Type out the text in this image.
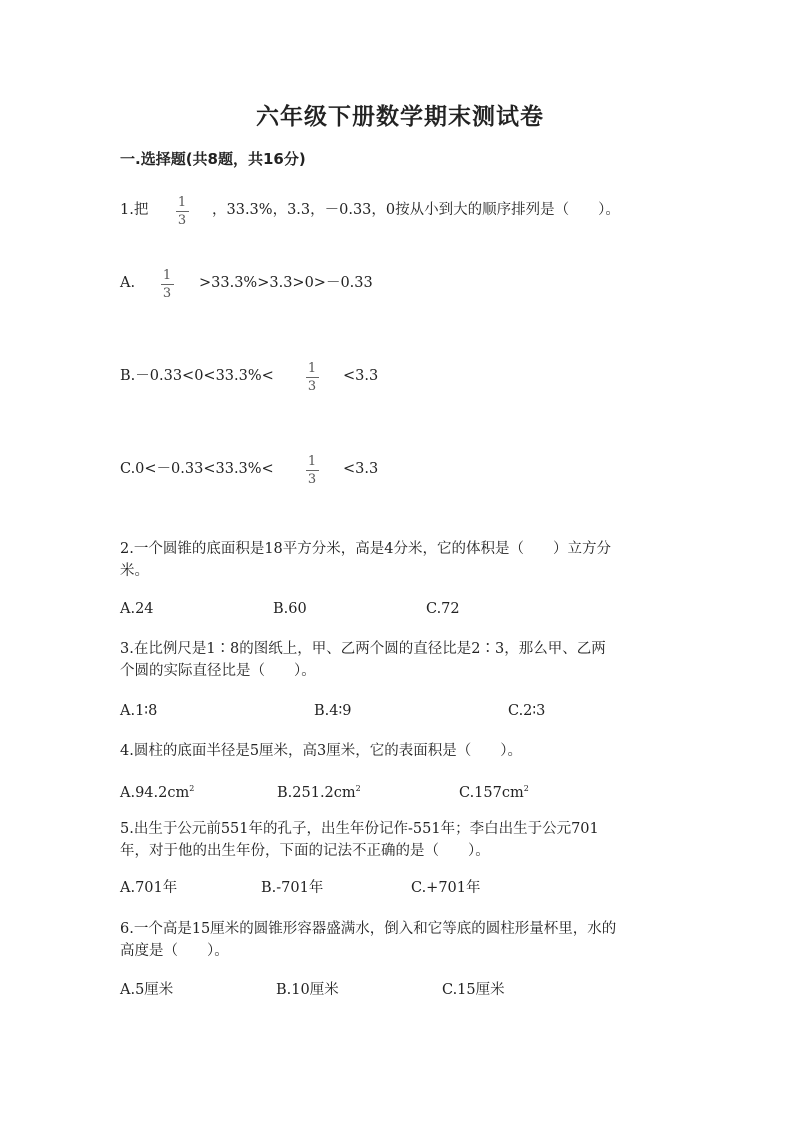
六年级下册数学期末测试卷
一.选择题(共8题，共16分)
1.把 1
3
，33.3%，3.3，－0.33，0按从小到大的顺序排列是（　　）。
A. 1
3
>33.3%>3.3>0>－0.33
B.－0.33<0<33.3%<	1
3
<3.3
C.0<－0.33<33.3%<	1
3
<3.3
2.一个圆锥的底面积是18平方分米，高是4分米，它的体积是（　　）立方分
米。
A.24	B.60	C.72
3.在比例尺是1∶8的图纸上，甲、乙两个圆的直径比是2∶3，那么甲、乙两
个圆的实际直径比是（　　）。
A.1∶8	B.4∶9	C.2∶3
4.圆柱的底面半径是5厘米，高3厘米，它的表面积是（　　）。
$A.94.2cm^2$	$B.251.2cm^2$	$C.157cm^2$
5.出生于公元前551年的孔子，出生年份记作-551年；李白出生于公元701
年，对于他的出生年份，下面的记法不正确的是（　　）。
A.701年	B.-701年	C.+701年
6.一个高是15厘米的圆锥形容器盛满水，倒入和它等底的圆柱形量杯里，水的
高度是（　　）。
A.5厘米	B.10厘米	C.15厘米
